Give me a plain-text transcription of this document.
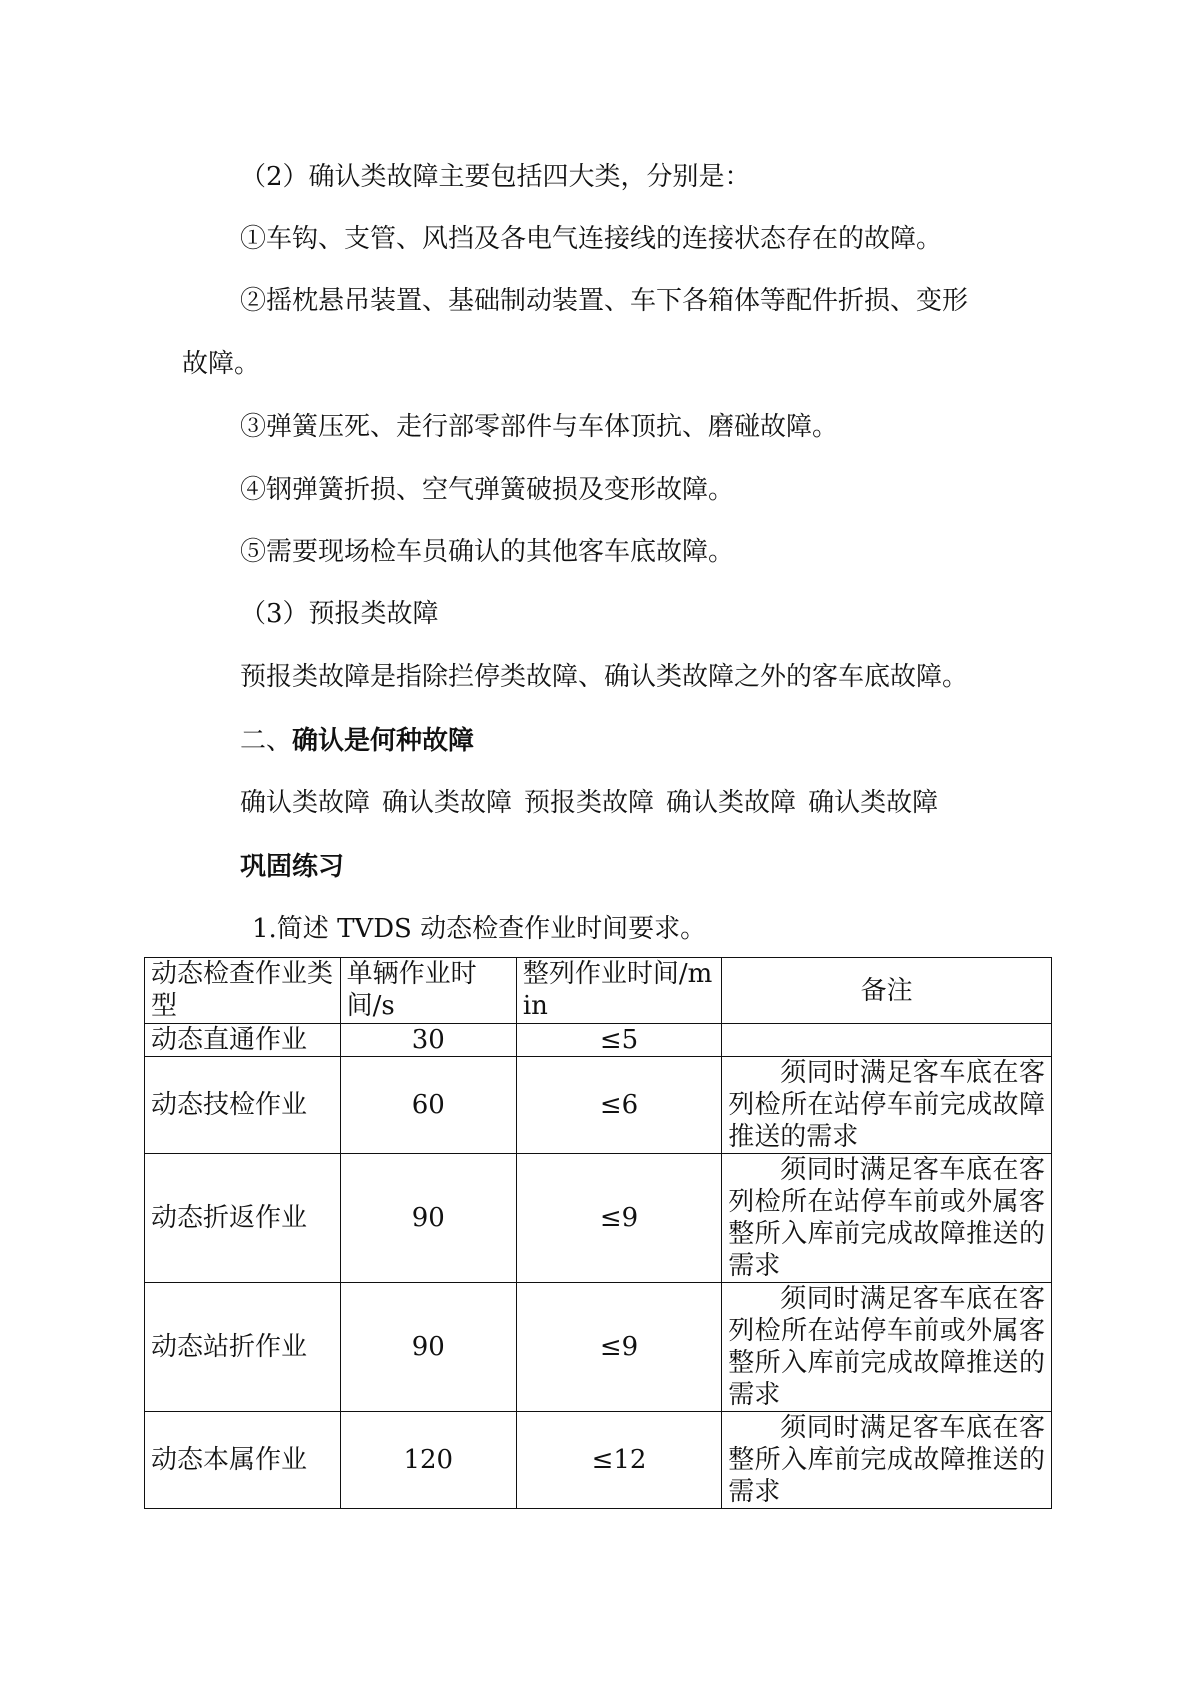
（2）确认类故障主要包括四大类，分别是：
①车钩、支管、风挡及各电气连接线的连接状态存在的故障。
②摇枕悬吊装置、基础制动装置、车下各箱体等配件折损、变形
故障。
③弹簧压死、走行部零部件与车体顶抗、磨碰故障。
④钢弹簧折损、空气弹簧破损及变形故障。
⑤需要现场检车员确认的其他客车底故障。
（3）预报类故障
预报类故障是指除拦停类故障、确认类故障之外的客车底故障。
二、确认是何种故障
确认类故障 确认类故障 预报类故障 确认类故障 确认类故障
巩固练习
1.简述 TVDS 动态检查作业时间要求。
动态检查作业类型	单辆作业时间/s	整列作业时间/min	备注
动态直通作业	30	≤5	
动态技检作业	60	≤6	须同时满足客车底在客列检所在站停车前完成故障推送的需求
动态折返作业	90	≤9	须同时满足客车底在客列检所在站停车前或外属客整所入库前完成故障推送的需求
动态站折作业	90	≤9	须同时满足客车底在客列检所在站停车前或外属客整所入库前完成故障推送的需求
动态本属作业	120	≤12	须同时满足客车底在客整所入库前完成故障推送的需求
